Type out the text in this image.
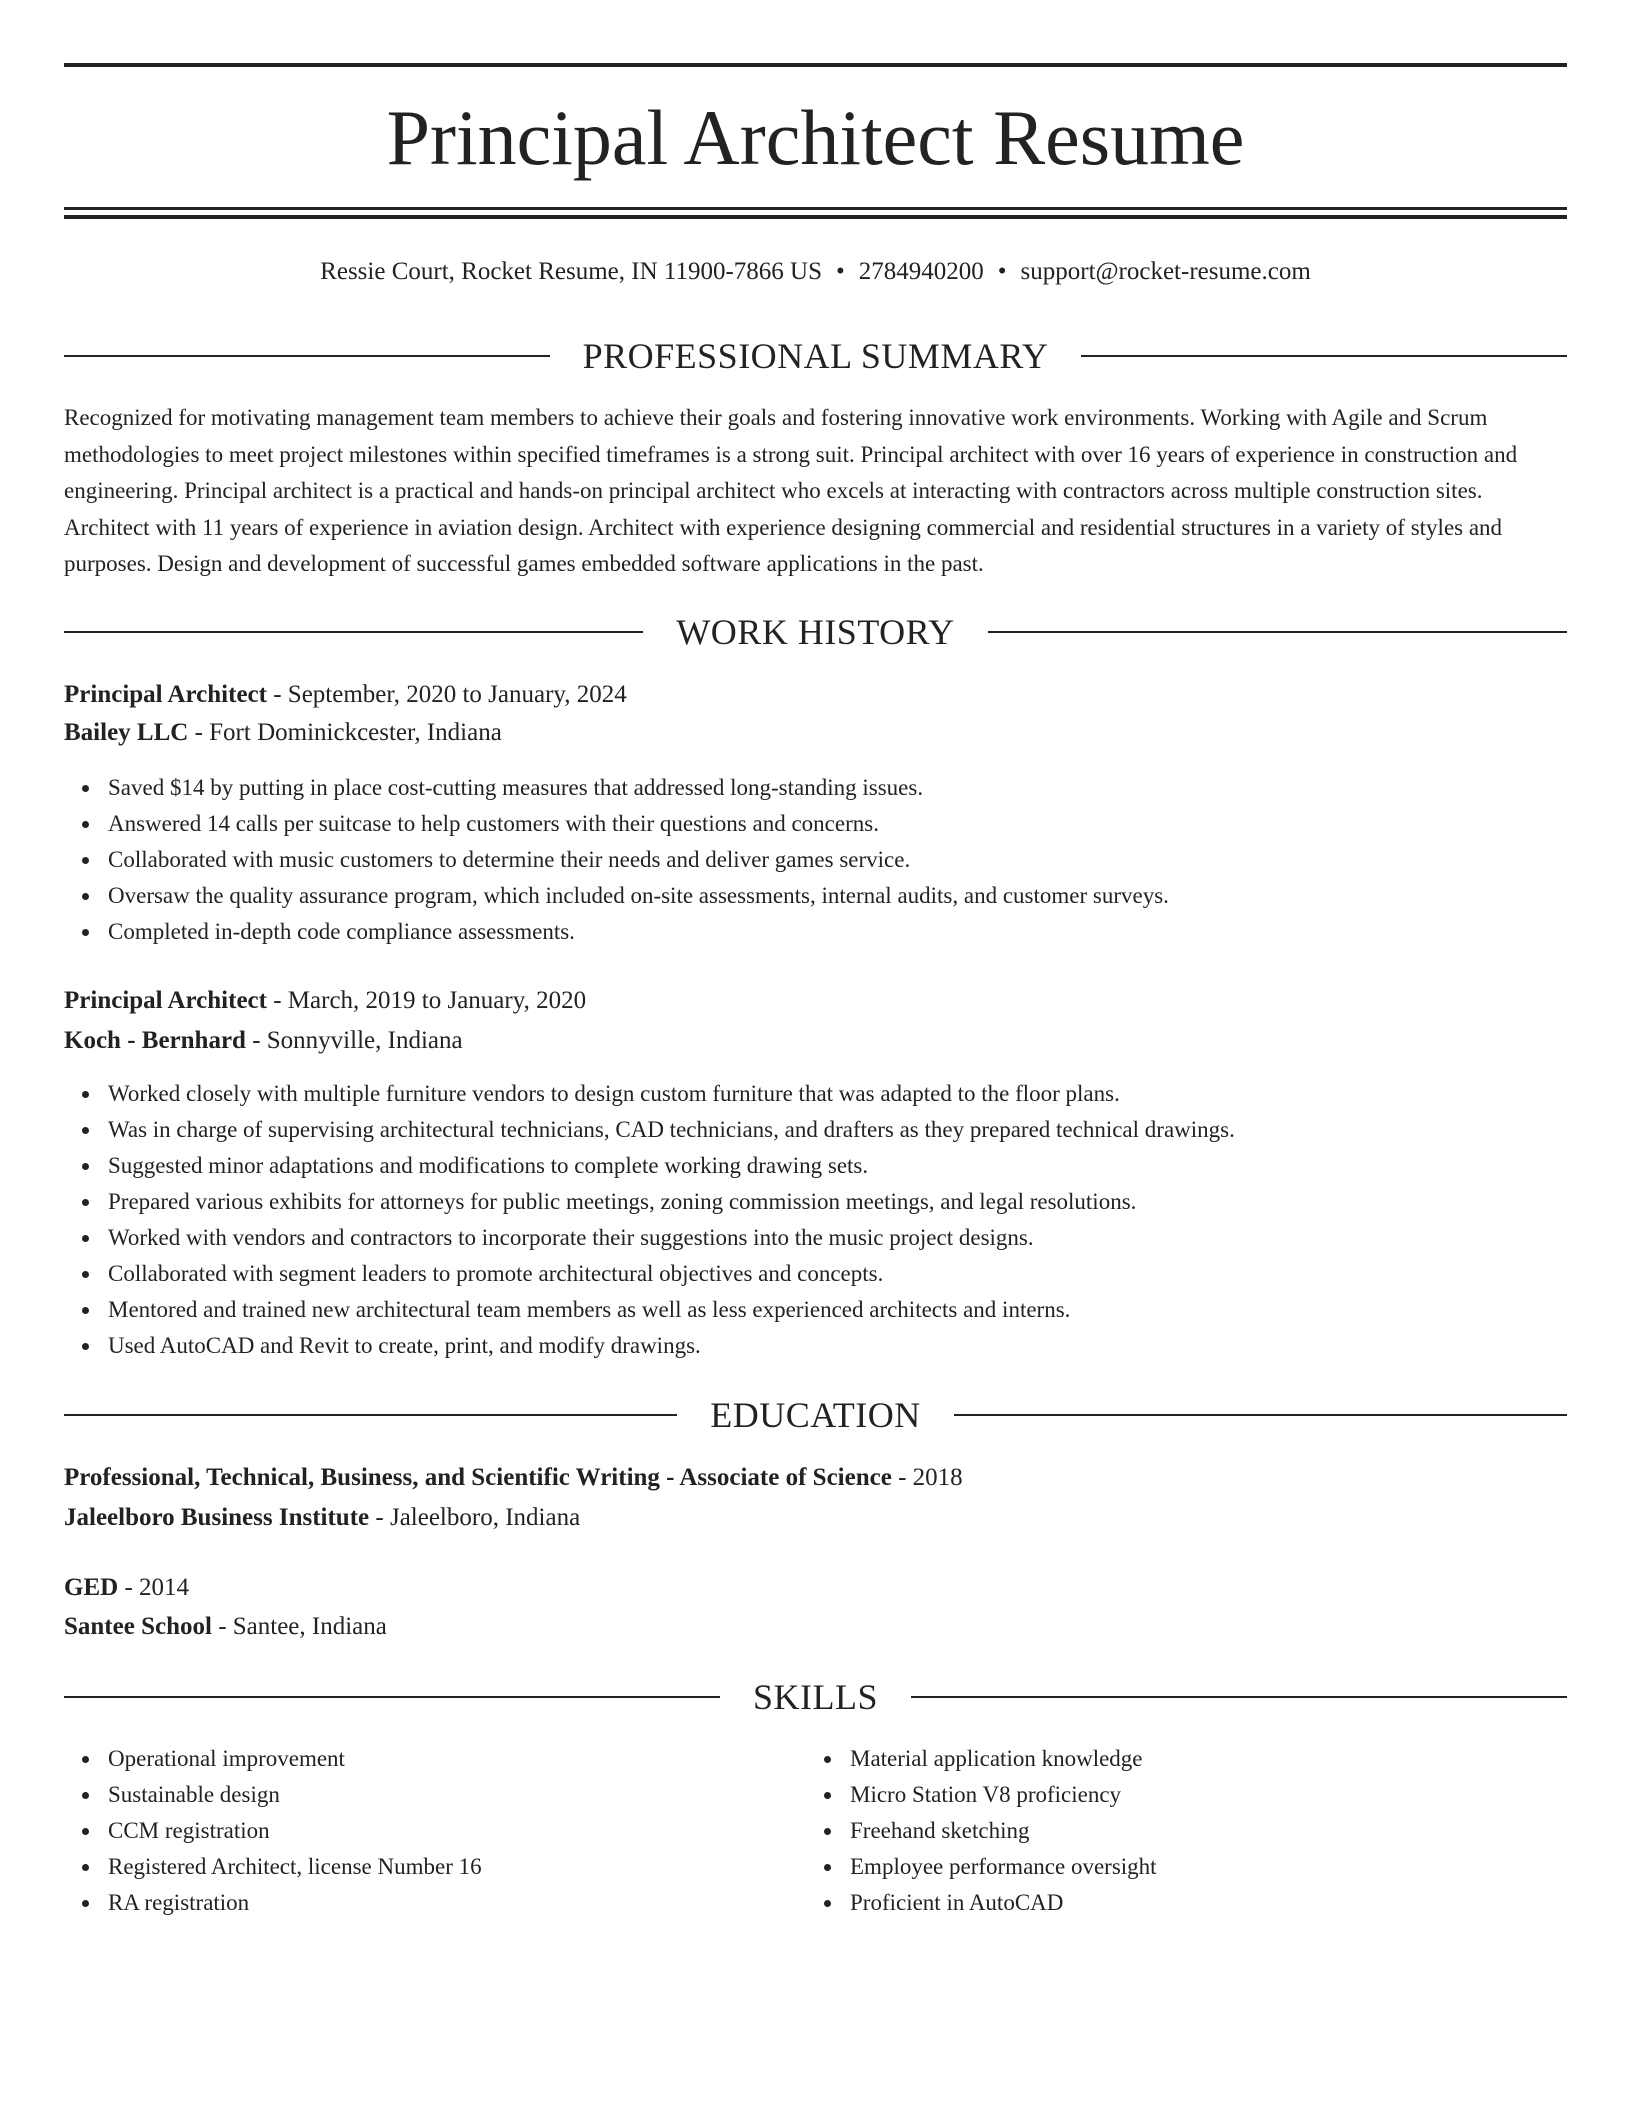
Principal Architect Resume
Ressie Court, Rocket Resume, IN 11900-7866 US • 2784940200 • support@rocket-resume.com
PROFESSIONAL SUMMARY

Recognized for motivating management team members to achieve their goals and fostering innovative work environments. Working with Agile and Scrum methodologies to meet project milestones within specified timeframes is a strong suit. Principal architect with over 16 years of experience in construction and engineering. Principal architect is a practical and hands-on principal architect who excels at interacting with contractors across multiple construction sites. Architect with 11 years of experience in aviation design. Architect with experience designing commercial and residential structures in a variety of styles and purposes. Design and development of successful games embedded software applications in the past.

WORK HISTORY
Principal Architect - September, 2020 to January, 2024
Bailey LLC - Fort Dominickcester, Indiana
Saved $14 by putting in place cost-cutting measures that addressed long-standing issues.
Answered 14 calls per suitcase to help customers with their questions and concerns.
Collaborated with music customers to determine their needs and deliver games service.
Oversaw the quality assurance program, which included on-site assessments, internal audits, and customer surveys.
Completed in-depth code compliance assessments.
Principal Architect - March, 2019 to January, 2020
Koch - Bernhard - Sonnyville, Indiana
Worked closely with multiple furniture vendors to design custom furniture that was adapted to the floor plans.
Was in charge of supervising architectural technicians, CAD technicians, and drafters as they prepared technical drawings.
Suggested minor adaptations and modifications to complete working drawing sets.
Prepared various exhibits for attorneys for public meetings, zoning commission meetings, and legal resolutions.
Worked with vendors and contractors to incorporate their suggestions into the music project designs.
Collaborated with segment leaders to promote architectural objectives and concepts.
Mentored and trained new architectural team members as well as less experienced architects and interns.
Used AutoCAD and Revit to create, print, and modify drawings.
EDUCATION
Professional, Technical, Business, and Scientific Writing - Associate of Science - 2018
Jaleelboro Business Institute - Jaleelboro, Indiana
GED - 2014
Santee School - Santee, Indiana
SKILLS
Operational improvement
Sustainable design
CCM registration
Registered Architect, license Number 16
RA registration
Material application knowledge
Micro Station V8 proficiency
Freehand sketching
Employee performance oversight
Proficient in AutoCAD
